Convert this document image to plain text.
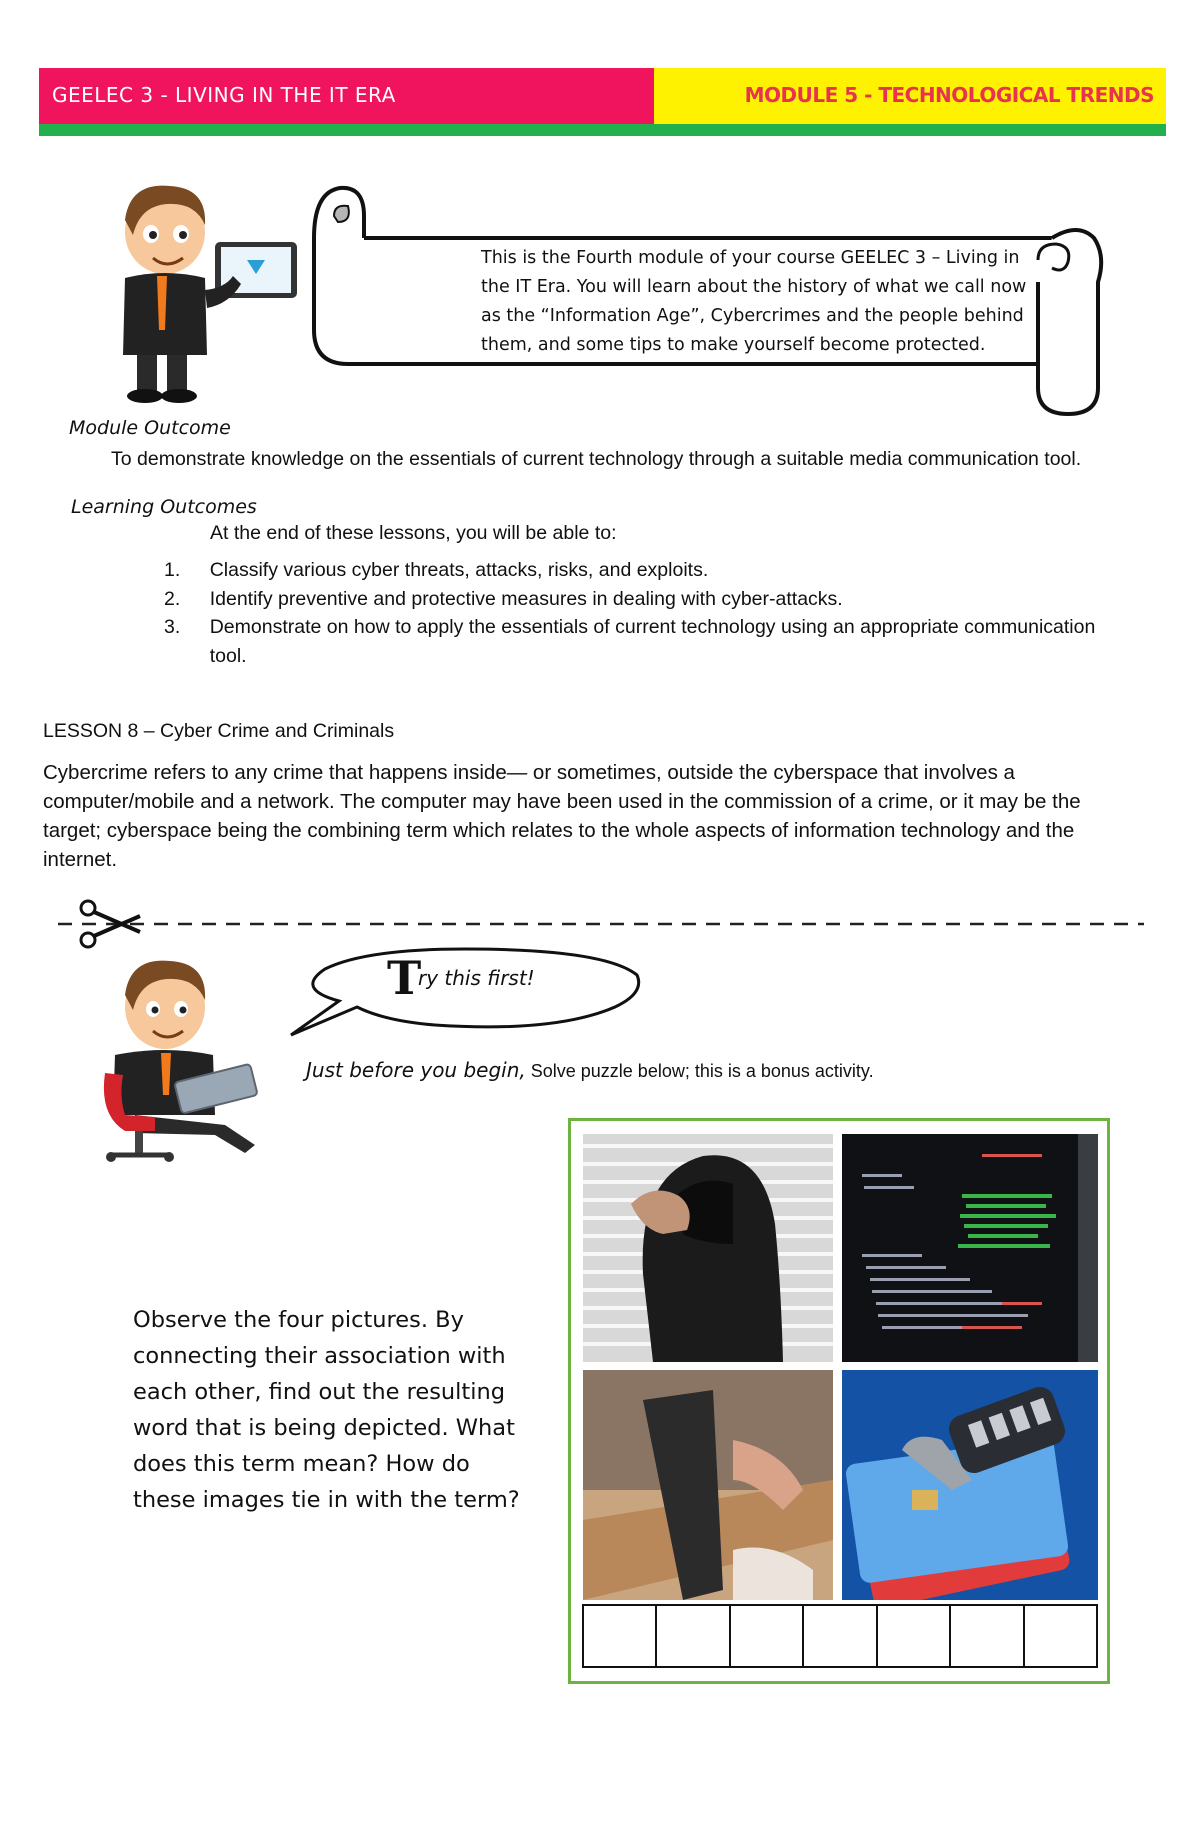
GEELEC 3 - LIVING IN THE IT ERA	MODULE 5 - TECHNOLOGICAL TRENDS
This is the Fourth module of your course GEELEC 3 – Living in
the IT Era. You will learn about the history of what we call now
as the “Information Age”, Cybercrimes and the people behind
them, and some tips to make yourself become protected.
Module Outcome
To demonstrate knowledge on the essentials of current technology through a suitable media communication tool.
Learning Outcomes
At the end of these lessons, you will be able to:
1.	Classify various cyber threats, attacks, risks, and exploits.
2.	Identify preventive and protective measures in dealing with cyber-attacks.
3.	Demonstrate on how to apply the essentials of current technology using an appropriate communication
tool.
LESSON 8 – Cyber Crime and Criminals
Cybercrime refers to any crime that happens inside— or sometimes, outside the cyberspace that involves a
computer/mobile and a network. The computer may have been used in the commission of a crime, or it may be the
target; cyberspace being the combining term which relates to the whole aspects of information technology and the
internet.
T
ry this first!
Just before you begin, Solve puzzle below; this is a bonus activity.
Observe the four pictures. By
connecting their association with
each other, find out the resulting
word that is being depicted. What
does this term mean? How do
these images tie in with the term?
